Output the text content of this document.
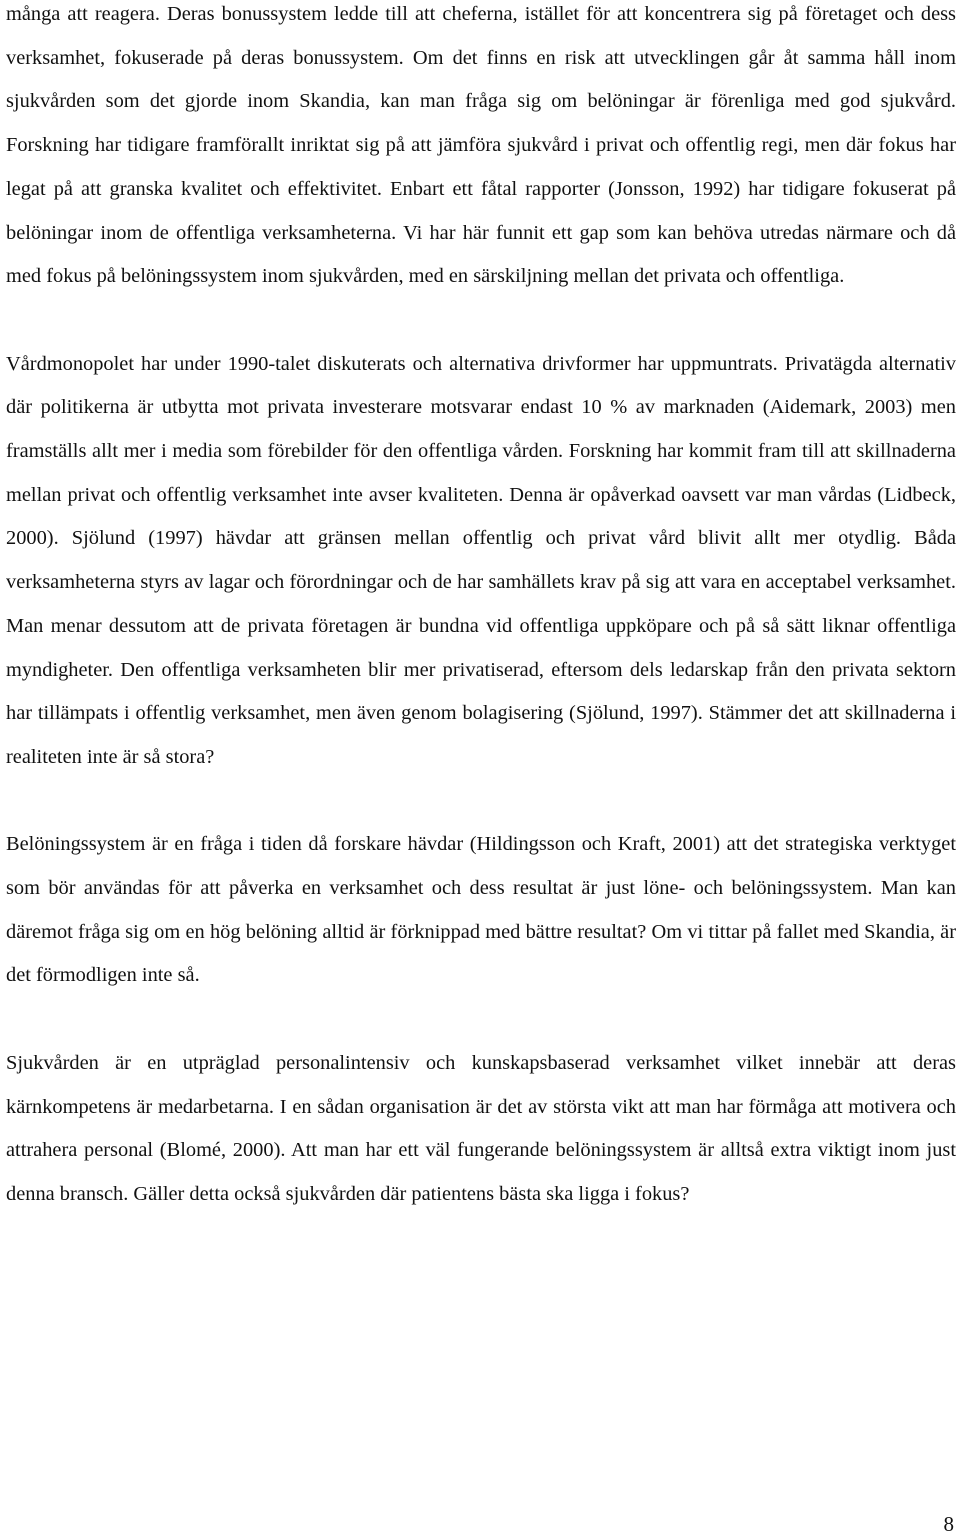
många att reagera. Deras bonussystem ledde till att cheferna, istället för att koncentrera sig på företaget och dess verksamhet, fokuserade på deras bonussystem. Om det finns en risk att utvecklingen går åt samma håll inom sjukvården som det gjorde inom Skandia, kan man fråga sig om belöningar är förenliga med god sjukvård. Forskning har tidigare framförallt inriktat sig på att jämföra sjukvård i privat och offentlig regi, men där fokus har legat på att granska kvalitet och effektivitet. Enbart ett fåtal rapporter (Jonsson, 1992) har tidigare fokuserat på belöningar inom de offentliga verksamheterna. Vi har här funnit ett gap som kan behöva utredas närmare och då med fokus på belöningssystem inom sjukvården, med en särskiljning mellan det privata och offentliga.

Vårdmonopolet har under 1990-talet diskuterats och alternativa drivformer har uppmuntrats. Privatägda alternativ där politikerna är utbytta mot privata investerare motsvarar endast 10 % av marknaden (Aidemark, 2003) men framställs allt mer i media som förebilder för den offentliga vården. Forskning har kommit fram till att skillnaderna mellan privat och offentlig verksamhet inte avser kvaliteten. Denna är opåverkad oavsett var man vårdas (Lidbeck, 2000). Sjölund (1997) hävdar att gränsen mellan offentlig och privat vård blivit allt mer otydlig. Båda verksamheterna styrs av lagar och förordningar och de har samhällets krav på sig att vara en acceptabel verksamhet. Man menar dessutom att de privata företagen är bundna vid offentliga uppköpare och på så sätt liknar offentliga myndigheter. Den offentliga verksamheten blir mer privatiserad, eftersom dels ledarskap från den privata sektorn har tillämpats i offentlig verksamhet, men även genom bolagisering (Sjölund, 1997). Stämmer det att skillnaderna i realiteten inte är så stora?

Belöningssystem är en fråga i tiden då forskare hävdar (Hildingsson och Kraft, 2001) att det strategiska verktyget som bör användas för att påverka en verksamhet och dess resultat är just löne- och belöningssystem. Man kan däremot fråga sig om en hög belöning alltid är förknippad med bättre resultat? Om vi tittar på fallet med Skandia, är det förmodligen inte så.

Sjukvården är en utpräglad personalintensiv och kunskapsbaserad verksamhet vilket innebär att deras kärnkompetens är medarbetarna. I en sådan organisation är det av största vikt att man har förmåga att motivera och attrahera personal (Blomé, 2000). Att man har ett väl fungerande belöningssystem är alltså extra viktigt inom just denna bransch. Gäller detta också sjukvården där patientens bästa ska ligga i fokus?

8
